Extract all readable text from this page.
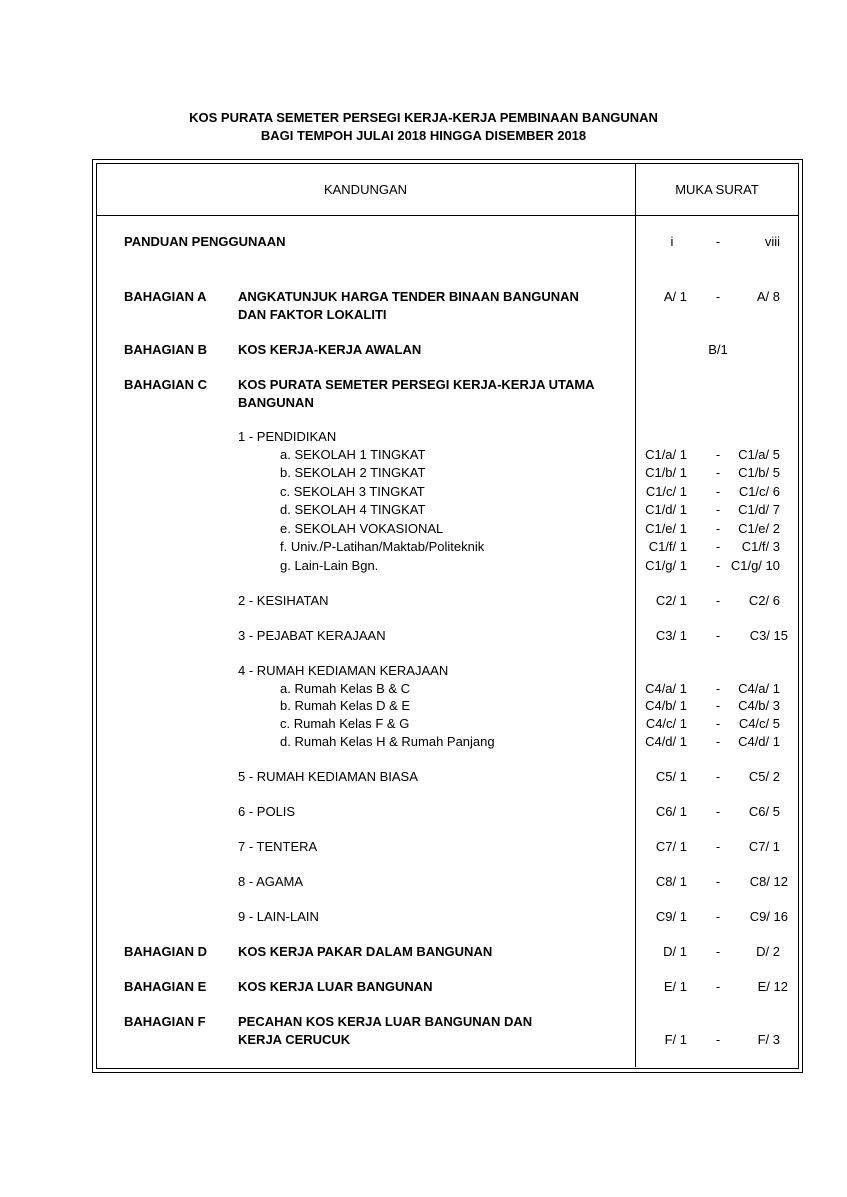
KOS PURATA SEMETER PERSEGI KERJA-KERJA PEMBINAAN BANGUNAN
BAGI TEMPOH JULAI 2018 HINGGA DISEMBER 2018
KANDUNGAN	MUKA SURAT
PANDUAN PENGGUNAAN	i	-	viii
BAHAGIAN A ANGKATUNJUK HARGA TENDER BINAAN BANGUNAN
DAN FAKTOR LOKALITI
A/ 1 -	A/ 8
BAHAGIAN B KOS KERJA-KERJA AWALAN	B/1
BAHAGIAN C KOS PURATA SEMETER PERSEGI KERJA-KERJA UTAMA
BANGUNAN
1 - PENDIDIKAN
a. SEKOLAH 1 TINGKAT	C1/a/ 1 -	C1/a/ 5
b. SEKOLAH 2 TINGKAT	C1/b/ 1 -	C1/b/ 5
c. SEKOLAH 3 TINGKAT	C1/c/ 1 -	C1/c/ 6
d. SEKOLAH 4 TINGKAT	C1/d/ 1 -	C1/d/ 7
e. SEKOLAH VOKASIONAL	C1/e/ 1 -	C1/e/ 2
f. Univ./P-Latihan/Maktab/Politeknik	C1/f/ 1 -	C1/f/ 3
g. Lain-Lain Bgn.	C1/g/ 1 - C1/g/ 10
2 - KESIHATAN	C2/ 1 -	C2/ 6
3 - PEJABAT KERAJAAN	C3/ 1 -	C3/ 15
4 - RUMAH KEDIAMAN KERAJAAN
a. Rumah Kelas B & C	C4/a/ 1 -	C4/a/ 1
b. Rumah Kelas D & E	C4/b/ 1 -	C4/b/ 3
c. Rumah Kelas F & G	C4/c/ 1 -	C4/c/ 5
d. Rumah Kelas H & Rumah Panjang	C4/d/ 1 -	C4/d/ 1
5 - RUMAH KEDIAMAN BIASA	C5/ 1 -	C5/ 2
6 - POLIS	C6/ 1 -	C6/ 5
7 - TENTERA	C7/ 1 -	C7/ 1
8 - AGAMA	C8/ 1 -	C8/ 12
9 - LAIN-LAIN	C9/ 1 -	C9/ 16
BAHAGIAN D KOS KERJA PAKAR DALAM BANGUNAN	D/ 1 -	D/ 2
BAHAGIAN E KOS KERJA LUAR BANGUNAN	E/ 1 -	E/ 12
BAHAGIAN F PECAHAN KOS KERJA LUAR BANGUNAN DAN
KERJA CERUCUK	F/ 1 -	F/ 3
